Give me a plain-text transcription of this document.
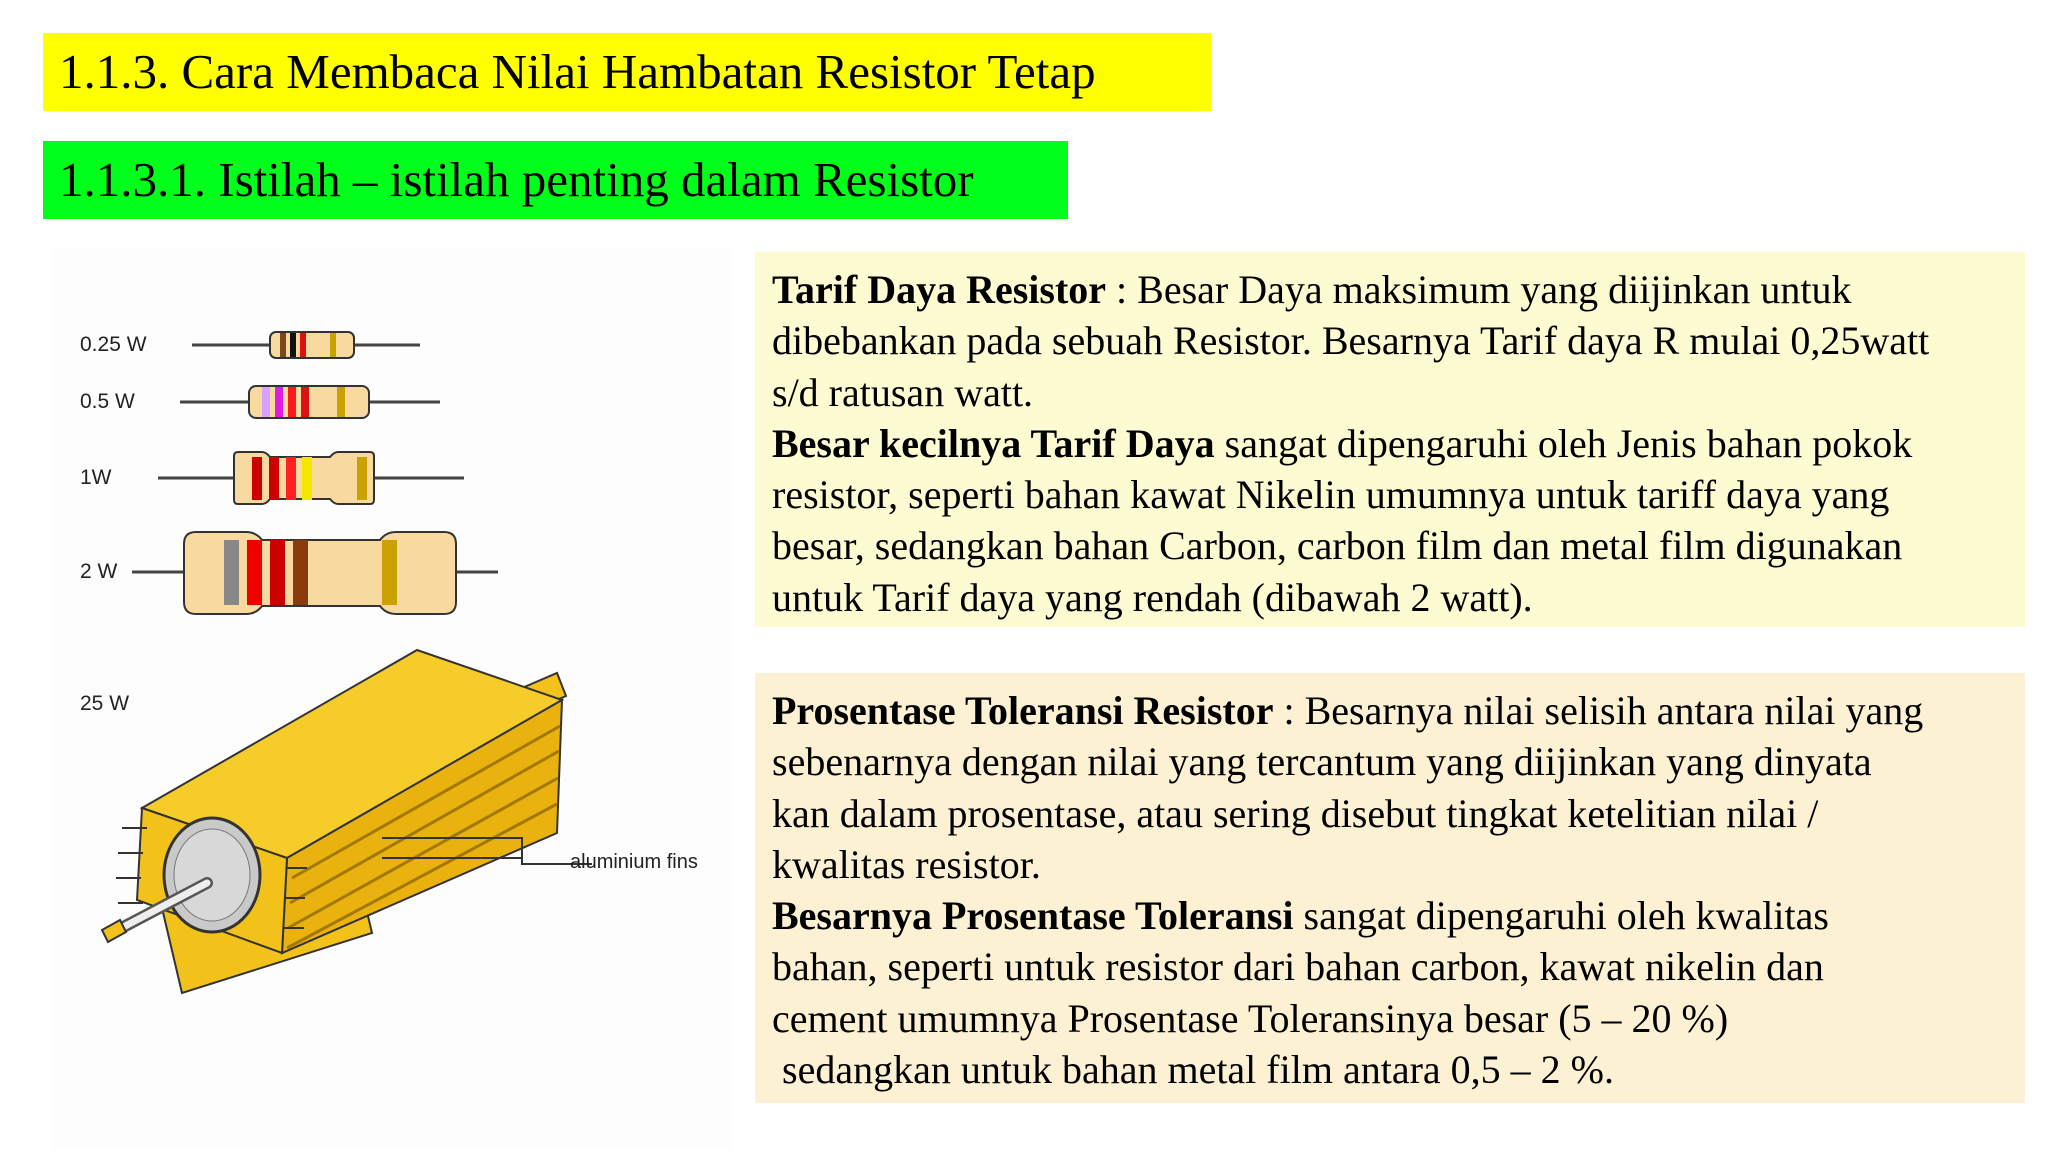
1.1.3. Cara Membaca Nilai Hambatan Resistor Tetap
1.1.3.1. Istilah – istilah penting dalam Resistor
0.25 W
0.5 W
1W
2 W
25 W
aluminium fins
Tarif Daya Resistor : Besar Daya maksimum yang diijinkan untuk
dibebankan pada sebuah Resistor. Besarnya Tarif daya R mulai 0,25watt
s/d ratusan watt.
Besar kecilnya Tarif Daya sangat dipengaruhi oleh Jenis bahan pokok
resistor, seperti bahan kawat Nikelin umumnya untuk tariff daya yang
besar, sedangkan bahan Carbon, carbon film dan metal film digunakan
untuk Tarif daya yang rendah (dibawah 2 watt).
Prosentase Toleransi Resistor : Besarnya nilai selisih antara nilai yang
sebenarnya dengan nilai yang tercantum yang diijinkan yang dinyata
kan dalam prosentase, atau sering disebut tingkat ketelitian nilai /
kwalitas resistor.
Besarnya Prosentase Toleransi sangat dipengaruhi oleh kwalitas
bahan, seperti untuk resistor dari bahan carbon, kawat nikelin dan
cement umumnya Prosentase Toleransinya besar (5 – 20 %)
sedangkan untuk bahan metal film antara 0,5 – 2 %.
